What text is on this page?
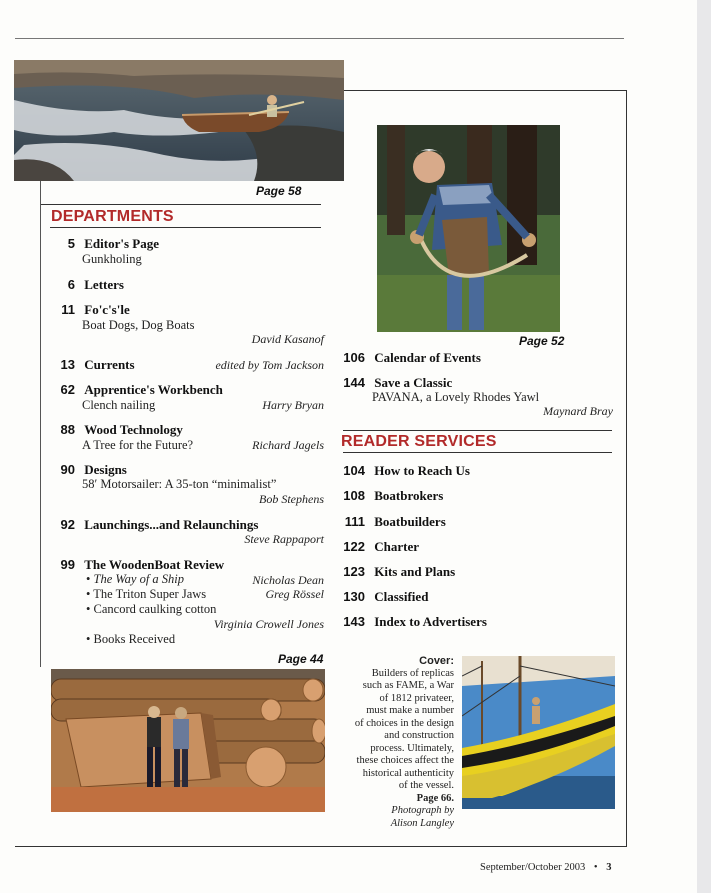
Page 58
DEPARTMENTS
5 Editor's Page
Gunkholing
6 Letters
11 Fo'c's'le
Boat Dogs, Dog Boats
David Kasanof
13 Currents	edited by Tom Jackson
62 Apprentice's Workbench
Clench nailing	Harry Bryan
88 Wood Technology
A Tree for the Future?	Richard Jagels
90 Designs
58′ Motorsailer: A 35-ton “minimalist”
Bob Stephens
92 Launchings...and Relaunchings
Steve Rappaport
99 The WoodenBoat Review
• The Way of a Ship	Nicholas Dean
• The Triton Super Jaws	Greg Rössel
• Cancord caulking cotton
Virginia Crowell Jones
• Books Received
Page 44
Page 52
106 Calendar of Events
144 Save a Classic
PAVANA, a Lovely Rhodes Yawl
Maynard Bray
READER SERVICES
104 How to Reach Us
108 Boatbrokers
111 Boatbuilders
122 Charter
123 Kits and Plans
130 Classified
143 Index to Advertisers
Cover:
Builders of replicas
such as FAME, a War
of 1812 privateer,
must make a number
of choices in the design
and construction
process. Ultimately,
these choices affect the
historical authenticity
of the vessel.
Page 66.
Photograph by
Alison Langley
September/October 2003 • 3
